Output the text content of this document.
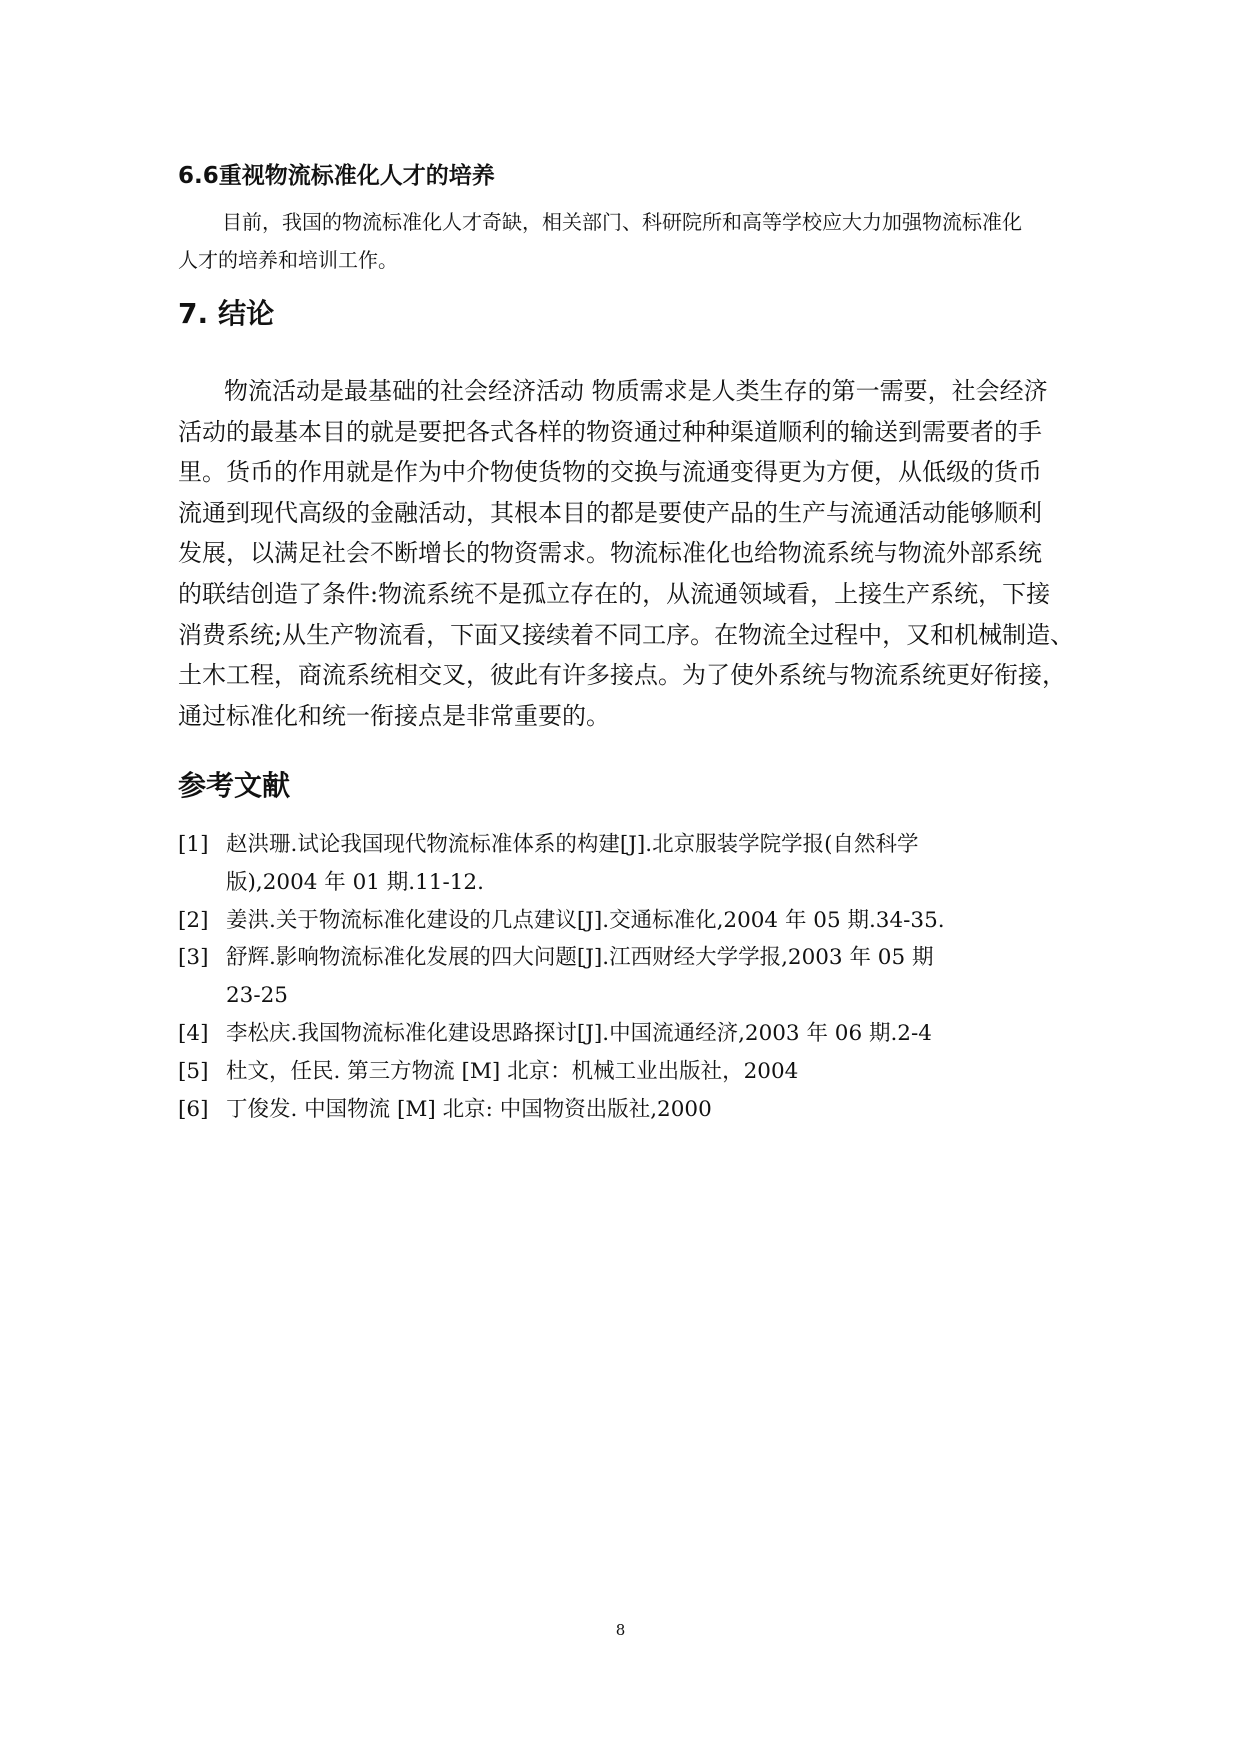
6.6重视物流标准化人才的培养
目前，我国的物流标准化人才奇缺，相关部门、科研院所和高等学校应大力加强物流标准化
人才的培养和培训工作。
7. 结论
物流活动是最基础的社会经济活动 物质需求是人类生存的第一需要，社会经济
活动的最基本目的就是要把各式各样的物资通过种种渠道顺利的输送到需要者的手
里。货币的作用就是作为中介物使货物的交换与流通变得更为方便，从低级的货币
流通到现代高级的金融活动，其根本目的都是要使产品的生产与流通活动能够顺利
发展，以满足社会不断增长的物资需求。物流标准化也给物流系统与物流外部系统
的联结创造了条件:物流系统不是孤立存在的，从流通领域看，上接生产系统，下接
消费系统;从生产物流看，下面又接续着不同工序。在物流全过程中，又和机械制造、
土木工程，商流系统相交叉，彼此有许多接点。为了使外系统与物流系统更好衔接，
通过标准化和统一衔接点是非常重要的。
参考文献
[1] 赵洪珊.试论我国现代物流标准体系的构建[J].北京服装学院学报(自然科学
版),2004 年 01 期.11-12.
[2] 姜洪.关于物流标准化建设的几点建议[J].交通标准化,2004 年 05 期.34-35.
[3] 舒辉.影响物流标准化发展的四大问题[J].江西财经大学学报,2003 年 05 期
23-25
[4] 李松庆.我国物流标准化建设思路探讨[J].中国流通经济,2003 年 06 期.2-4
[5] 杜文，任民. 第三方物流 [M] 北京：机械工业出版社，2004
[6] 丁俊发. 中国物流 [M] 北京: 中国物资出版社,2000
8
